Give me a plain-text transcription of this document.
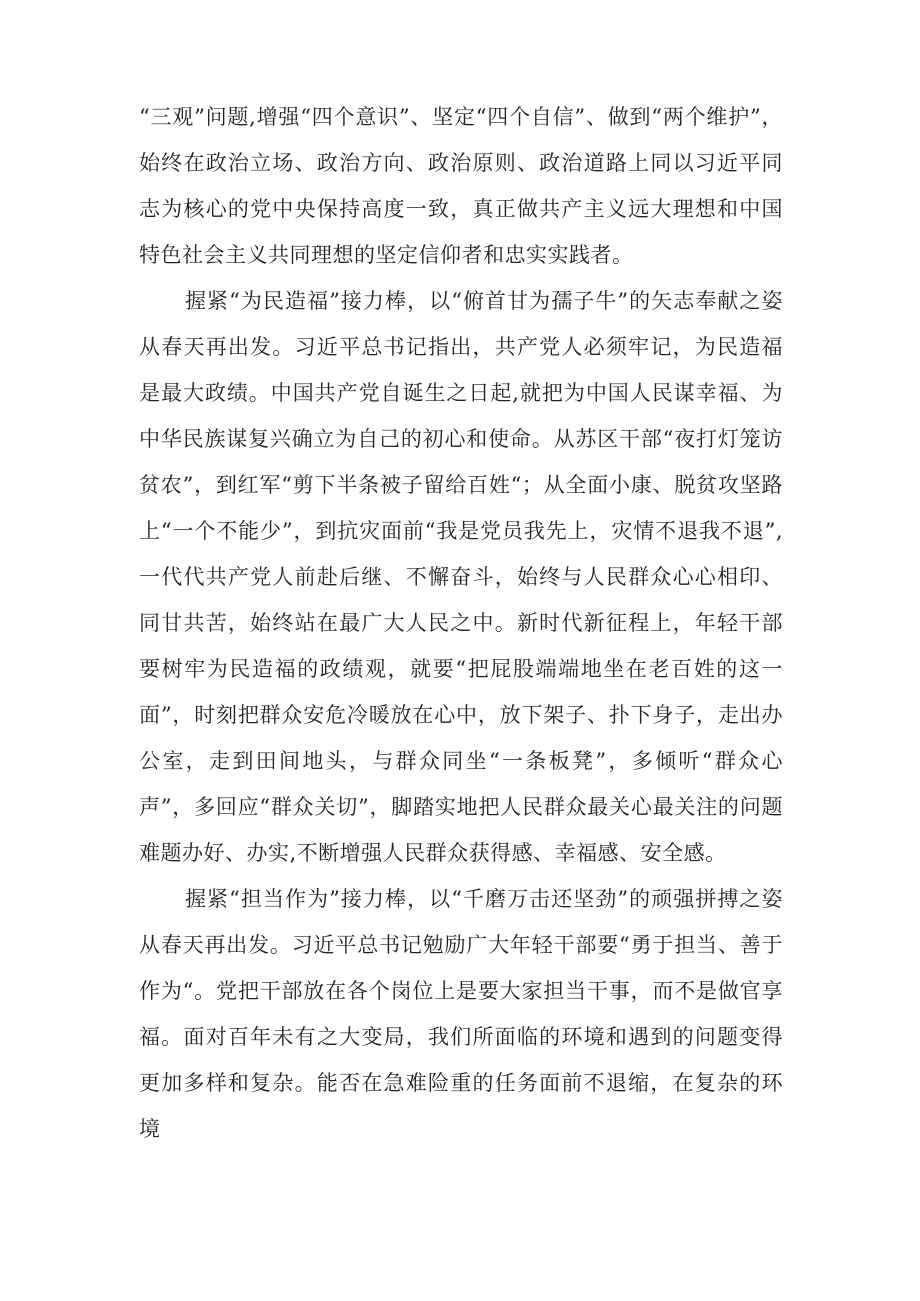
“三观”问题,增强“四个意识”、坚定“四个自信”、做到“两个维护”，始终在政治立场、政治方向、政治原则、政治道路上同以习近平同志为核心的党中央保持高度一致，真正做共产主义远大理想和中国特色社会主义共同理想的坚定信仰者和忠实实践者。

握紧“为民造福”接力棒，以“俯首甘为孺子牛”的矢志奉献之姿从春天再出发。习近平总书记指出，共产党人必须牢记，为民造福是最大政绩。中国共产党自诞生之日起,就把为中国人民谋幸福、为中华民族谋复兴确立为自己的初心和使命。从苏区干部“夜打灯笼访贫农”，到红军“剪下半条被子留给百姓“；从全面小康、脱贫攻坚路上“一个不能少”，到抗灾面前“我是党员我先上，灾情不退我不退”,一代代共产党人前赴后继、不懈奋斗，始终与人民群众心心相印、同甘共苦，始终站在最广大人民之中。新时代新征程上，年轻干部要树牢为民造福的政绩观，就要“把屁股端端地坐在老百姓的这一面”，时刻把群众安危冷暖放在心中，放下架子、扑下身子，走出办公室，走到田间地头，与群众同坐“一条板凳”，多倾听“群众心声”，多回应“群众关切”，脚踏实地把人民群众最关心最关注的问题难题办好、办实,不断增强人民群众获得感、幸福感、安全感。

握紧“担当作为”接力棒，以“千磨万击还坚劲”的顽强拼搏之姿从春天再出发。习近平总书记勉励广大年轻干部要“勇于担当、善于作为“。党把干部放在各个岗位上是要大家担当干事，而不是做官享福。面对百年未有之大变局，我们所面临的环境和遇到的问题变得更加多样和复杂。能否在急难险重的任务面前不退缩，在复杂的环境
